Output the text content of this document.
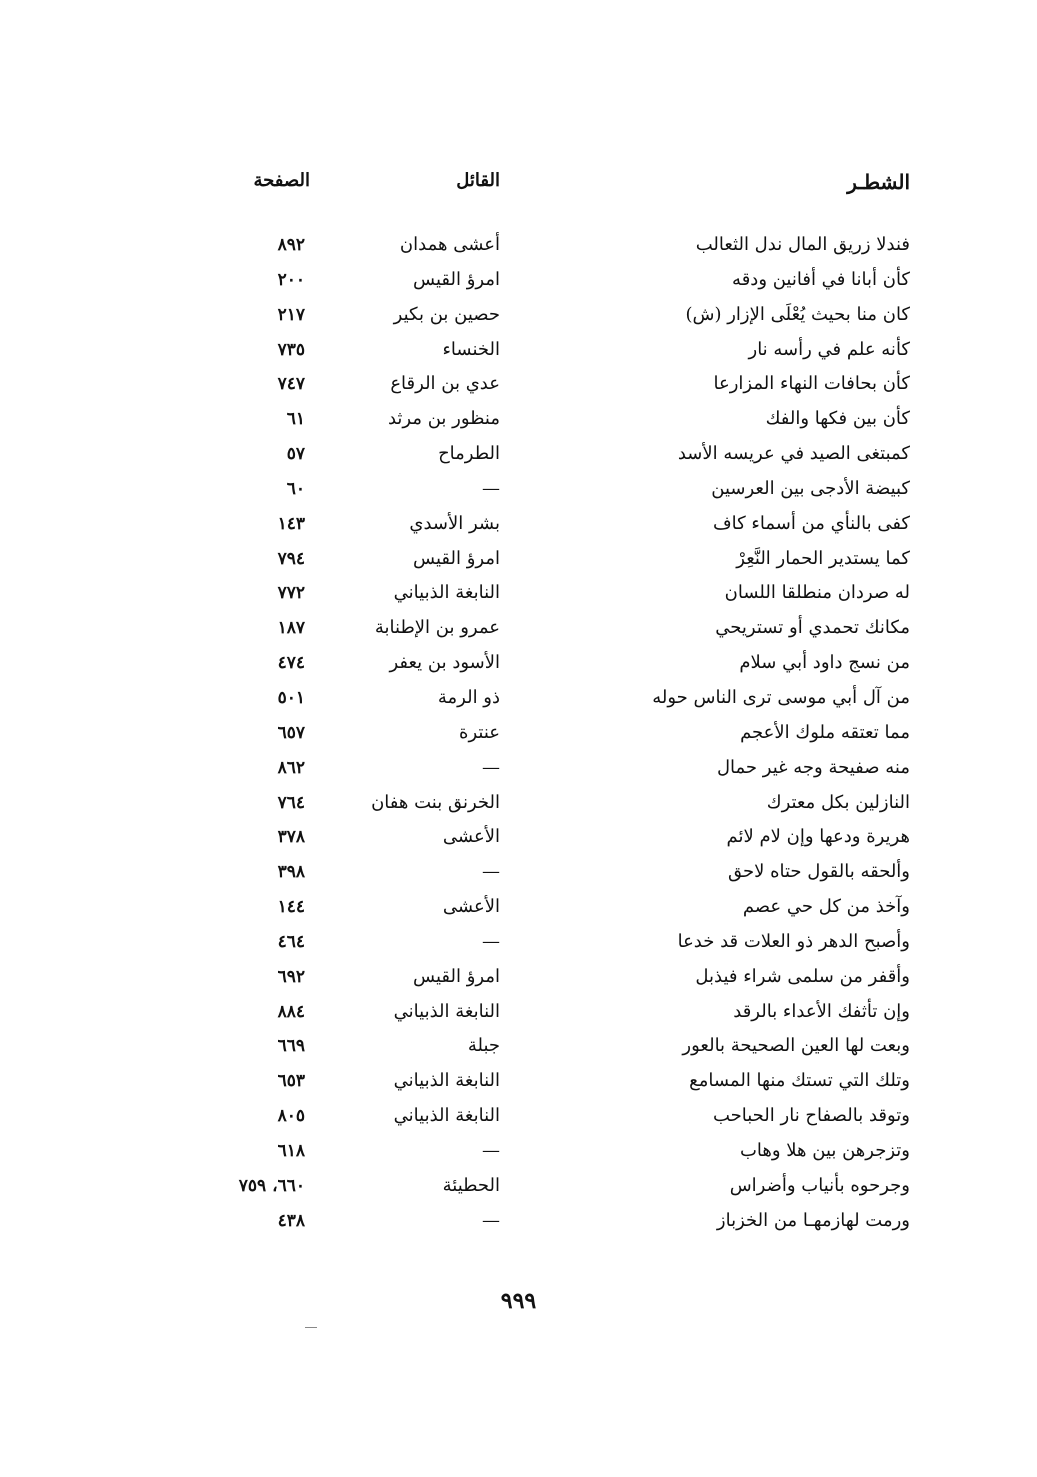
الشطـر
القائل
الصفحة
فندلا زريق المال ندل الثعالب
أعشى همدان
٨٩٢
كأن أبانا في أفانين ودقه
امرؤ القيس
٢٠٠
كان منا بحيث يُعْلَى الإزار (ش)
حصين بن بكير
٢١٧
كأنه علم في رأسه نار
الخنساء
٧٣٥
كأن بحافات النهاء المزارعا
عدي بن الرقاع
٧٤٧
كأن بين فكها والفك
منظور بن مرثد
٦١
كمبتغى الصيد في عريسه الأسد
الطرماح
٥٧
كبيضة الأدجى بين العرسين
—
٦٠
كفى بالنأي من أسماء كاف
بشر الأسدي
١٤٣
كما يستدير الحمار النَّعِرْ
امرؤ القيس
٧٩٤
له صردان منطلقا اللسان
النابغة الذبياني
٧٧٢
مكانك تحمدي أو تستريحي
عمرو بن الإطنابة
١٨٧
من نسج داود أبي سلام
الأسود بن يعفر
٤٧٤
من آل أبي موسى ترى الناس حوله
ذو الرمة
٥٠١
مما تعتقه ملوك الأعجم
عنترة
٦٥٧
منه صفيحة وجه غير حمال
—
٨٦٢
النازلين بكل معترك
الخرنق بنت هفان
٧٦٤
هريرة ودعها وإن لام لائم
الأعشى
٣٧٨
وألحقه بالقول حتاه لاحق
—
٣٩٨
وآخذ من كل حي عصم
الأعشى
١٤٤
وأصبح الدهر ذو العلات قد خدعا
—
٤٦٤
وأقفر من سلمى شراء فيذبل
امرؤ القيس
٦٩٢
وإن تأثفك الأعداء بالرقد
النابغة الذبياني
٨٨٤
وبعت لها العين الصحيحة بالعور
جبلة
٦٦٩
وتلك التي تستك منها المسامع
النابغة الذبياني
٦٥٣
وتوقد بالصفاح نار الحباحب
النابغة الذبياني
٨٠٥
وتزجرهن بين هلا وهاب
—
٦١٨
وجرحوه بأنياب وأضراس
الحطيئة
٦٦٠، ٧٥٩
ورمت لهازمهـا من الخزباز
—
٤٣٨
٩٩٩
